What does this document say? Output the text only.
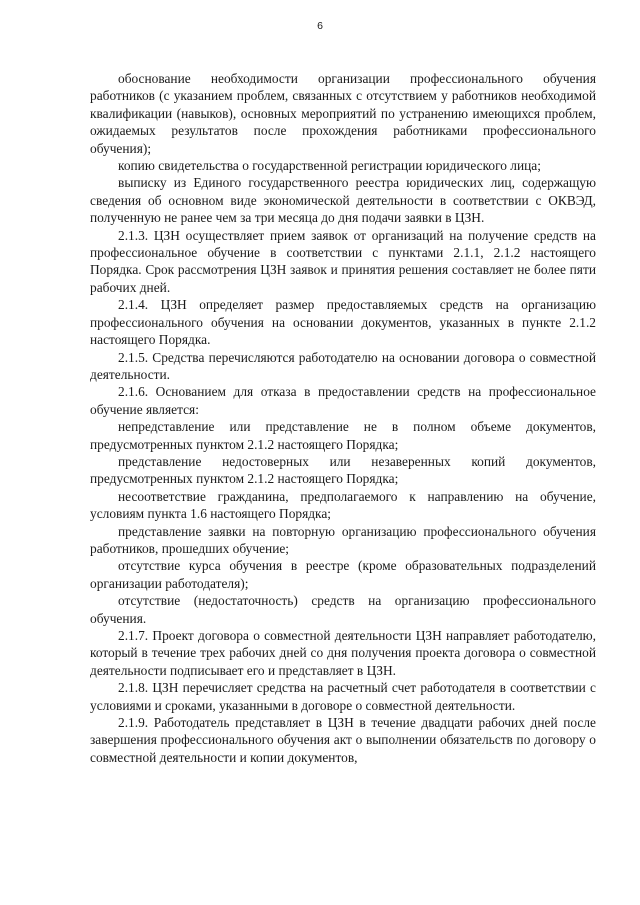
6

обоснование необходимости организации профессионального обучения работников (с указанием проблем, связанных с отсутствием у работников необходимой квалификации (навыков), основных мероприятий по устранению имеющихся проблем, ожидаемых результатов после прохождения работниками профессионального обучения);

копию свидетельства о государственной регистрации юридического лица;

выписку из Единого государственного реестра юридических лиц, содержащую сведения об основном виде экономической деятельности в соответствии с ОКВЭД, полученную не ранее чем за три месяца до дня подачи заявки в ЦЗН.

2.1.3. ЦЗН осуществляет прием заявок от организаций на получение средств на профессиональное обучение в соответствии с пунктами 2.1.1, 2.1.2 настоящего Порядка. Срок рассмотрения ЦЗН заявок и принятия решения составляет не более пяти рабочих дней.

2.1.4. ЦЗН определяет размер предоставляемых средств на организацию профессионального обучения на основании документов, указанных в пункте 2.1.2 настоящего Порядка.

2.1.5. Средства перечисляются работодателю на основании договора о совместной деятельности.

2.1.6. Основанием для отказа в предоставлении средств на профессиональное обучение является:

непредставление или представление не в полном объеме документов, предусмотренных пунктом 2.1.2 настоящего Порядка;

представление недостоверных или незаверенных копий документов, предусмотренных пунктом 2.1.2 настоящего Порядка;

несоответствие гражданина, предполагаемого к направлению на обучение, условиям пункта 1.6 настоящего Порядка;

представление заявки на повторную организацию профессионального обучения работников, прошедших обучение;

отсутствие курса обучения в реестре (кроме образовательных подразделений организации работодателя);

отсутствие (недостаточность) средств на организацию профессионального обучения.

2.1.7. Проект договора о совместной деятельности ЦЗН направляет работодателю, который в течение трех рабочих дней со дня получения проекта договора о совместной деятельности подписывает его и представляет в ЦЗН.

2.1.8. ЦЗН перечисляет средства на расчетный счет работодателя в соответствии с условиями и сроками, указанными в договоре о совместной деятельности.

2.1.9. Работодатель представляет в ЦЗН в течение двадцати рабочих дней после завершения профессионального обучения акт о выполнении обязательств по договору о совместной деятельности и копии документов,
